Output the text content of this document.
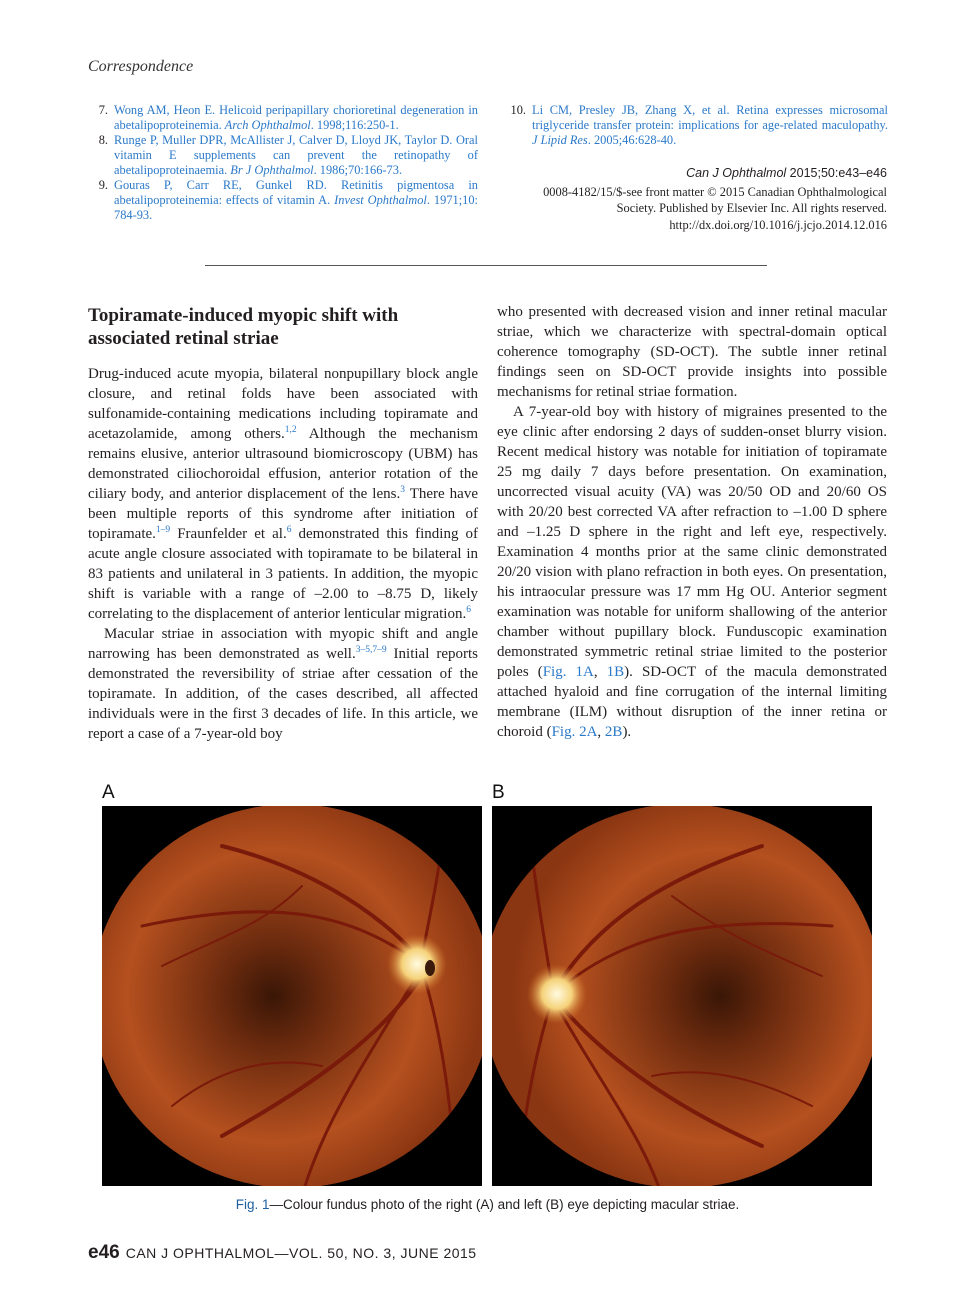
Correspondence
7. Wong AM, Heon E. Helicoid peripapillary chorioretinal degeneration in abetalipoproteinemia. Arch Ophthalmol. 1998;116:250-1.
8. Runge P, Muller DPR, McAllister J, Calver D, Lloyd JK, Taylor D. Oral vitamin E supplements can prevent the retinopathy of abetalipoproteinaemia. Br J Ophthalmol. 1986;70:166-73.
9. Gouras P, Carr RE, Gunkel RD. Retinitis pigmentosa in abetalipoproteinemia: effects of vitamin A. Invest Ophthalmol. 1971;10: 784-93.
10. Li CM, Presley JB, Zhang X, et al. Retina expresses microsomal triglyceride transfer protein: implications for age-related maculopathy. J Lipid Res. 2005;46:628-40.
Can J Ophthalmol 2015;50:e43–e46
0008-4182/15/$-see front matter © 2015 Canadian Ophthalmological
Society. Published by Elsevier Inc. All rights reserved.
http://dx.doi.org/10.1016/j.jcjo.2014.12.016
Topiramate-induced myopic shift with associated retinal striae

Drug-induced acute myopia, bilateral nonpupillary block angle closure, and retinal folds have been associated with sulfonamide-containing medications including topiramate and acetazolamide, among others.$^{1,2}$ Although the mechanism remains elusive, anterior ultrasound biomicroscopy (UBM) has demonstrated ciliochoroidal effusion, anterior rotation of the ciliary body, and anterior displacement of the lens.$^3$ There have been multiple reports of this syndrome after initiation of topiramate.$^{1-9}$ Fraunfelder et al.$^6$ demonstrated this finding of acute angle closure associated with topiramate to be bilateral in 83 patients and unilateral in 3 patients. In addition, the myopic shift is variable with a range of –2.00 to –8.75 D, likely correlating to the displacement of anterior lenticular migration.$^6$

Macular striae in association with myopic shift and angle narrowing has been demonstrated as well.$^{3-5,7-9}$ Initial reports demonstrated the reversibility of striae after cessation of the topiramate. In addition, of the cases described, all affected individuals were in the first 3 decades of life. In this article, we report a case of a 7-year-old boy

who presented with decreased vision and inner retinal macular striae, which we characterize with spectral-domain optical coherence tomography (SD-OCT). The subtle inner retinal findings seen on SD-OCT provide insights into possible mechanisms for retinal striae formation.

A 7-year-old boy with history of migraines presented to the eye clinic after endorsing 2 days of sudden-onset blurry vision. Recent medical history was notable for initiation of topiramate 25 mg daily 7 days before presentation. On examination, uncorrected visual acuity (VA) was 20/50 OD and 20/60 OS with 20/20 best corrected VA after refraction to –1.00 D sphere and –1.25 D sphere in the right and left eye, respectively. Examination 4 months prior at the same clinic demonstrated 20/20 vision with plano refraction in both eyes. On presentation, his intraocular pressure was 17 mm Hg OU. Anterior segment examination was notable for uniform shallowing of the anterior chamber without pupillary block. Funduscopic examination demonstrated symmetric retinal striae limited to the posterior poles (Fig. 1A, 1B). SD-OCT of the macula demonstrated attached hyaloid and fine corrugation of the internal limiting membrane (ILM) without disruption of the inner retina or choroid (Fig. 2A, 2B).

A	B
Fig. 1—Colour fundus photo of the right (A) and left (B) eye depicting macular striae.
e46 CAN J OPHTHALMOL—VOL. 50, NO. 3, JUNE 2015
